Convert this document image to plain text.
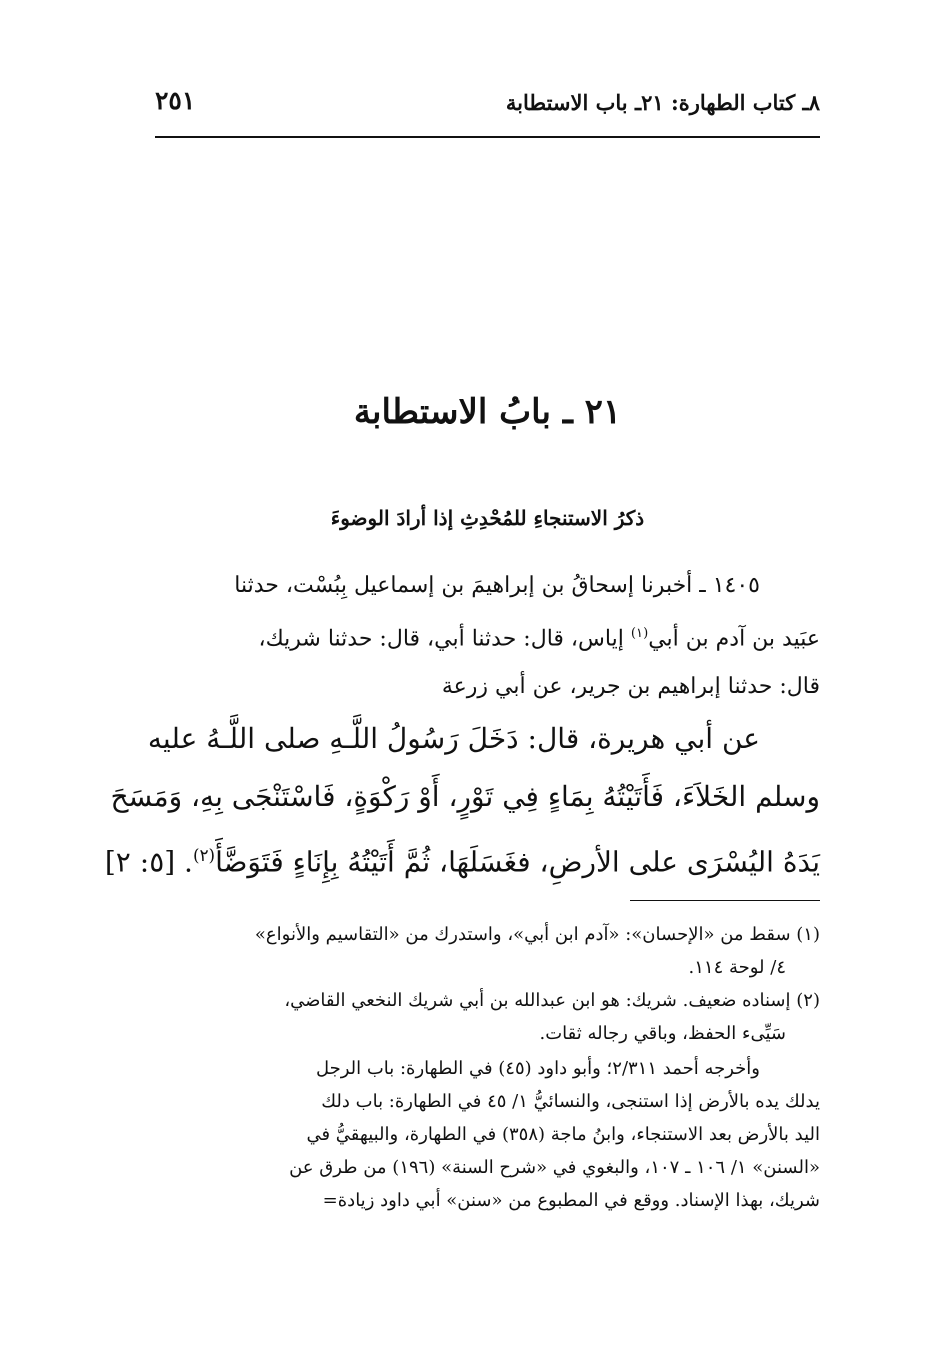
٨ـ كتاب الطهارة: ٢١ـ باب الاستطابة
٢٥١
٢١ ـ بابُ الاستطابة
ذكرُ الاستنجاءِ للمُحْدِثِ إذا أرادَ الوضوءَ
١٤٠٥ ـ أخبرنا إسحاقُ بن إبراهيمَ بن إسماعيل بِبُسْت، حدثنا
عبَيد بن آدم بن أبي$^{(١)}$ إياس، قال: حدثنا أبي، قال: حدثنا شريك،
قال: حدثنا إبراهيم بن جرير، عن أبي زرعة
عن أبي هريرة، قال: دَخَلَ رَسُولُ اللَّـهِ صلى اللَّـهُ عليه
وسلم الخَلاَءَ، فَأَتَيْتُهُ بِمَاءٍ فِي تَوْرٍ، أَوْ رَكْوَةٍ، فَاسْتَنْجَى بِهِ، وَمَسَحَ
يَدَهُ اليُسْرَى على الأرضِ، فغَسَلَهَا، ثُمَّ أَتَيْتُهُ بِإِنَاءٍ فَتَوَضَّأَ$^{(٢)}$. [٥: ٢]
(١) سقط من «الإحسان»: «آدم ابن أبي»، واستدرك من «التقاسيم والأنواع»
٤/ لوحة ١١٤.
(٢) إسناده ضعيف. شريك: هو ابن عبدالله بن أبي شريك النخعي القاضي،
سَيِّىء الحفظ، وباقي رجاله ثقات.
وأخرجه أحمد ٢/٣١١؛ وأبو داود (٤٥) في الطهارة: باب الرجل
يدلك يده بالأرض إذا استنجى، والنسائيُّ ١/ ٤٥ في الطهارة: باب دلك
اليد بالأرض بعد الاستنجاء، وابنُ ماجة (٣٥٨) في الطهارة، والبيهقيُّ في
«السنن» ١/ ١٠٦ ـ ١٠٧، والبغوي في «شرح السنة» (١٩٦) من طرق عن
شريك، بهذا الإسناد. ووقع في المطبوع من «سنن» أبي داود زيادة=
